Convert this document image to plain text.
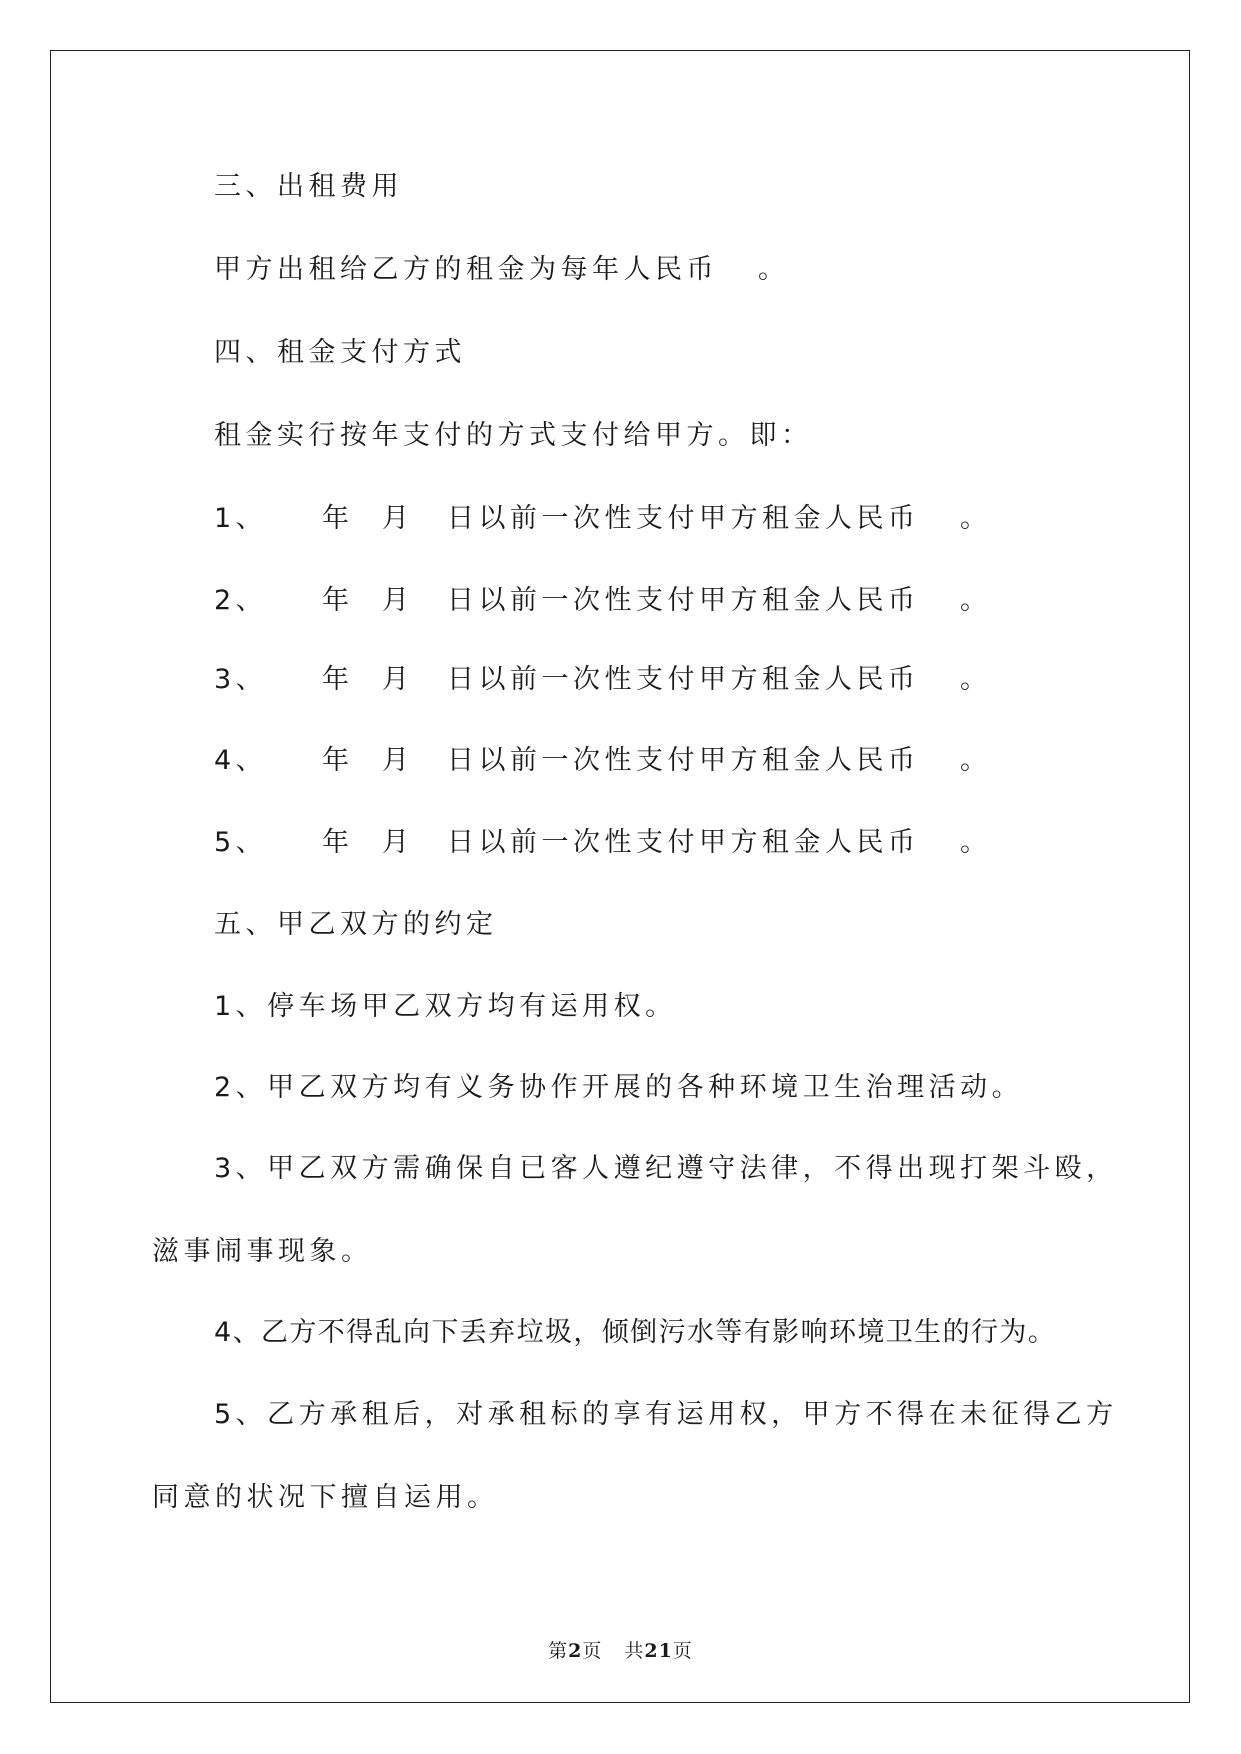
三、出租费用
甲方出租给乙方的租金为每年人民币 。
四、租金支付方式
租金实行按年支付的方式支付给甲方。即：
1、 年 月 日以前一次性支付甲方租金人民币 。
2、 年 月 日以前一次性支付甲方租金人民币 。
3、 年 月 日以前一次性支付甲方租金人民币 。
4、 年 月 日以前一次性支付甲方租金人民币 。
5、 年 月 日以前一次性支付甲方租金人民币 。
五、甲乙双方的约定
1、停车场甲乙双方均有运用权。
2、甲乙双方均有义务协作开展的各种环境卫生治理活动。
3、甲乙双方需确保自已客人遵纪遵守法律，不得出现打架斗殴，
滋事闹事现象。
4、乙方不得乱向下丢弃垃圾，倾倒污水等有影响环境卫生的行为。
5、乙方承租后，对承租标的享有运用权，甲方不得在未征得乙方
同意的状况下擅自运用。
第2页 共21页
